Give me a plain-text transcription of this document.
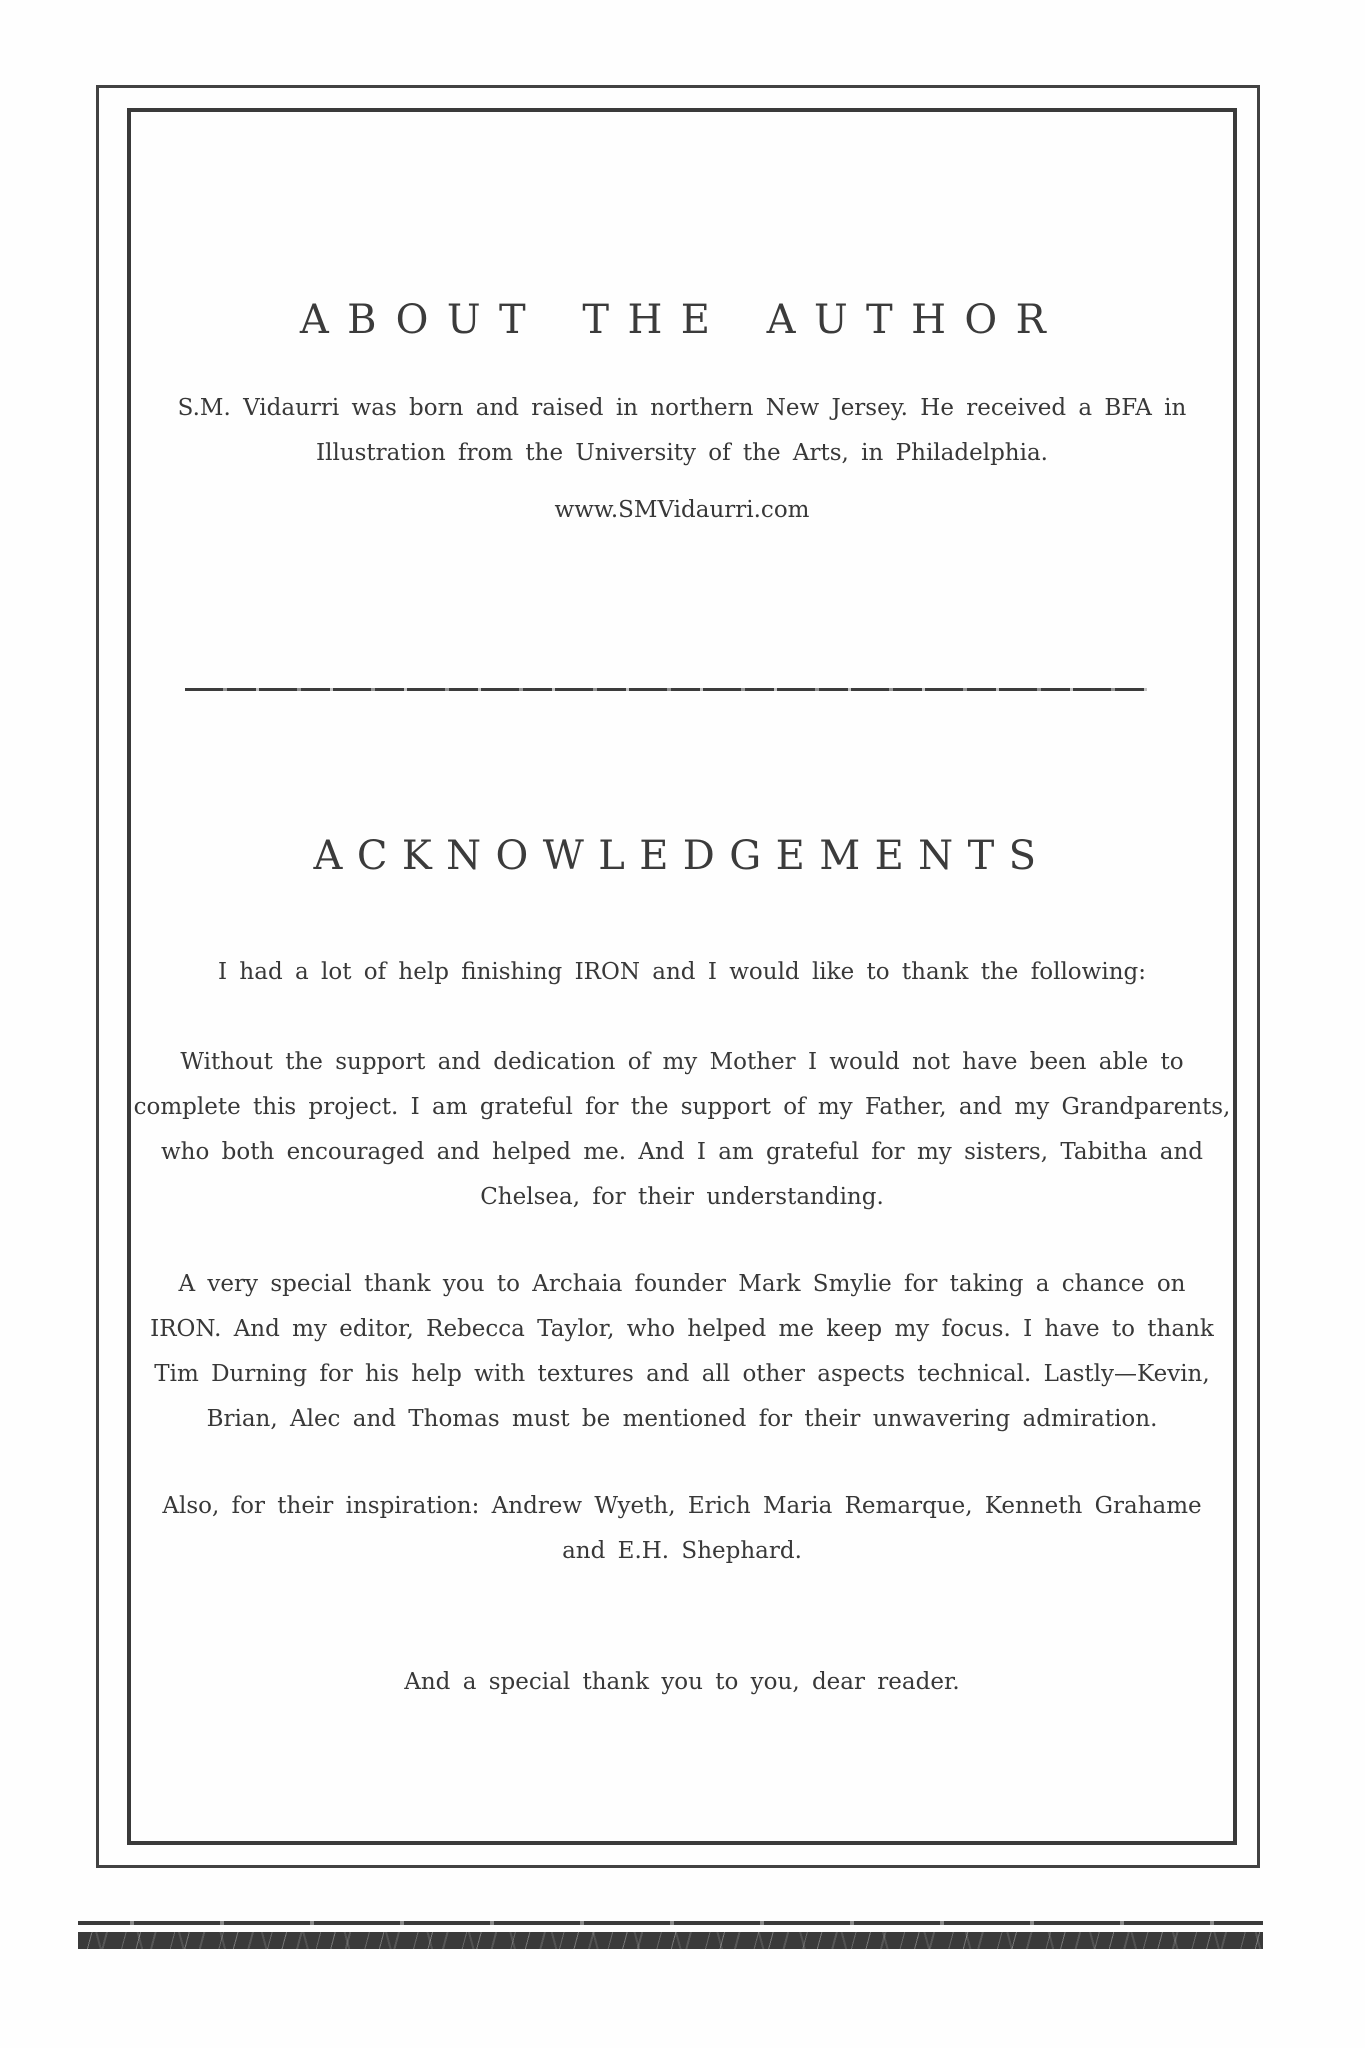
ABOUT THE AUTHOR
S.M. Vidaurri was born and raised in northern New Jersey. He received a BFA in
Illustration from the University of the Arts, in Philadelphia.
www.SMVidaurri.com
ACKNOWLEDGEMENTS
I had a lot of help finishing IRON and I would like to thank the following:
Without the support and dedication of my Mother I would not have been able to
complete this project. I am grateful for the support of my Father, and my Grandparents,
who both encouraged and helped me. And I am grateful for my sisters, Tabitha and
Chelsea, for their understanding.
A very special thank you to Archaia founder Mark Smylie for taking a chance on
IRON. And my editor, Rebecca Taylor, who helped me keep my focus. I have to thank
Tim Durning for his help with textures and all other aspects technical. Lastly—Kevin,
Brian, Alec and Thomas must be mentioned for their unwavering admiration.
Also, for their inspiration: Andrew Wyeth, Erich Maria Remarque, Kenneth Grahame
and E.H. Shephard.
And a special thank you to you, dear reader.
